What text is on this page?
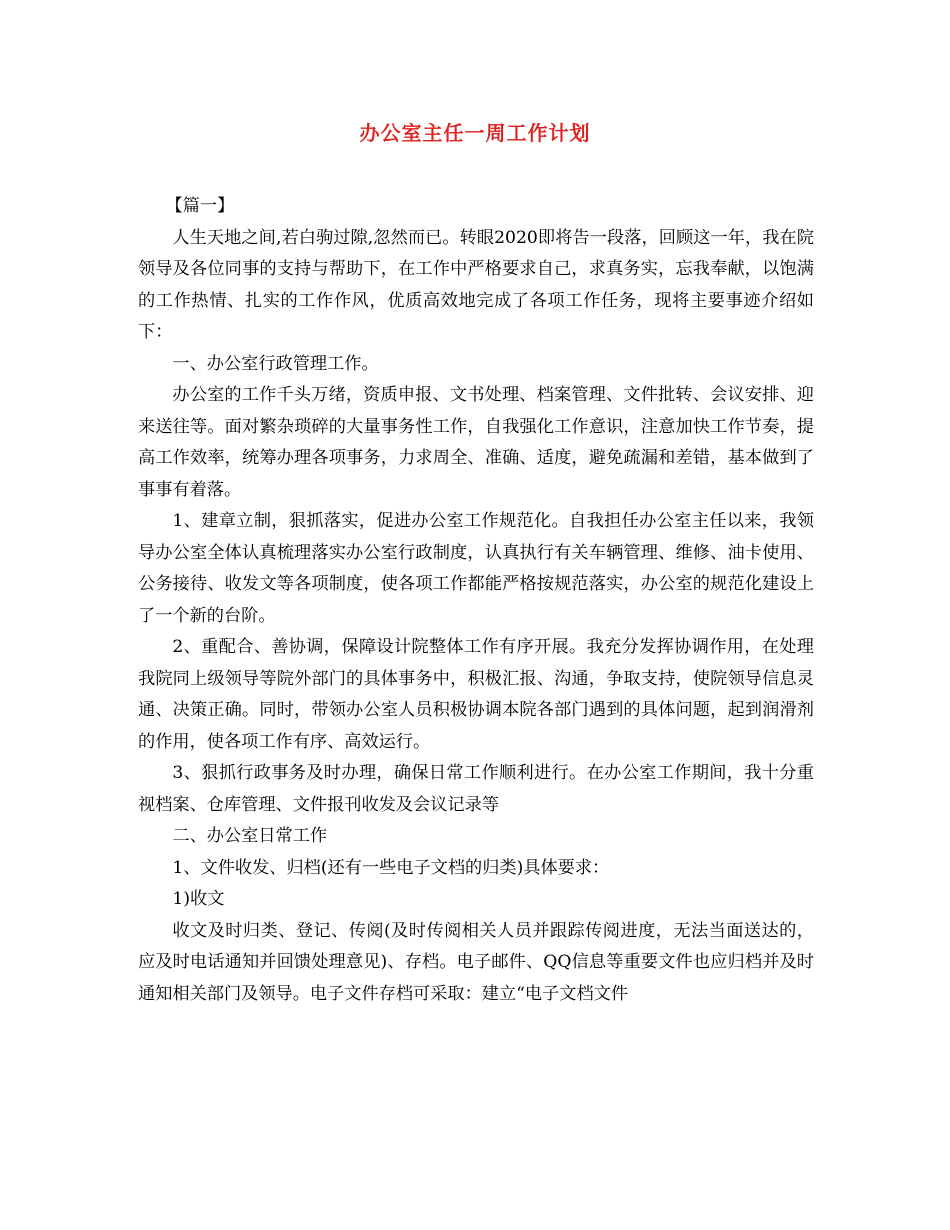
办公室主任一周工作计划

【篇一】

人生天地之间,若白驹过隙,忽然而已。转眼2020即将告一段落，回顾这一年，我在院领导及各位同事的支持与帮助下，在工作中严格要求自己，求真务实，忘我奉献，以饱满的工作热情、扎实的工作作风，优质高效地完成了各项工作任务，现将主要事迹介绍如下：

一、办公室行政管理工作。

办公室的工作千头万绪，资质申报、文书处理、档案管理、文件批转、会议安排、迎来送往等。面对繁杂琐碎的大量事务性工作，自我强化工作意识，注意加快工作节奏，提高工作效率，统筹办理各项事务，力求周全、准确、适度，避免疏漏和差错，基本做到了事事有着落。

1、建章立制，狠抓落实，促进办公室工作规范化。自我担任办公室主任以来，我领导办公室全体认真梳理落实办公室行政制度，认真执行有关车辆管理、维修、油卡使用、公务接待、收发文等各项制度，使各项工作都能严格按规范落实，办公室的规范化建设上了一个新的台阶。

2、重配合、善协调，保障设计院整体工作有序开展。我充分发挥协调作用，在处理我院同上级领导等院外部门的具体事务中，积极汇报、沟通，争取支持，使院领导信息灵通、决策正确。同时，带领办公室人员积极协调本院各部门遇到的具体问题，起到润滑剂的作用，使各项工作有序、高效运行。

3、狠抓行政事务及时办理，确保日常工作顺利进行。在办公室工作期间，我十分重视档案、仓库管理、文件报刊收发及会议记录等

二、办公室日常工作

1、文件收发、归档(还有一些电子文档的归类)具体要求：

1)收文

收文及时归类、登记、传阅(及时传阅相关人员并跟踪传阅进度，无法当面送达的，应及时电话通知并回馈处理意见)、存档。电子邮件、QQ信息等重要文件也应归档并及时通知相关部门及领导。电子文件存档可采取：建立“电子文档文件
